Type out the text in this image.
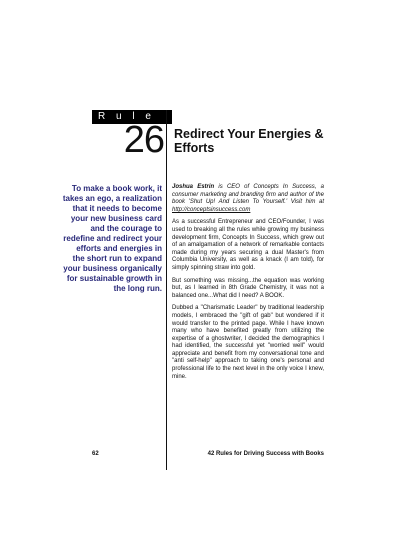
R u l e
26 Redirect Your Energies & Efforts
To make a book work, it takes an ego, a realization that it needs to become your new business card and the courage to redefine and redirect your efforts and energies in the short run to expand your business organically for sustainable growth in the long run.

Joshua Estrin is CEO of Concepts In Success, a consumer marketing and branding firm and author of the book 'Shut Up! And Listen To Yourself.' Visit him at http://conceptsinsuccess.com

As a successful Entrepreneur and CEO/Founder, I was used to breaking all the rules while growing my business development firm, Concepts In Success, which grew out of an amalgamation of a network of remarkable contacts made during my years securing a dual Master's from Columbia University, as well as a knack (I am told), for simply spinning straw into gold.

But something was missing...the equation was working but, as I learned in 8th Grade Chemistry, it was not a balanced one...What did I need? A BOOK.

Dubbed a "Charismatic Leader" by traditional leadership models, I embraced the "gift of gab" but wondered if it would transfer to the printed page. While I have known many who have benefited greatly from utilizing the expertise of a ghostwriter, I decided the demographics I had identified, the successful yet "worried well" would appreciate and benefit from my conversational tone and "anti self-help" approach to taking one's personal and professional life to the next level in the only voice I knew, mine.

62	42 Rules for Driving Success with Books
